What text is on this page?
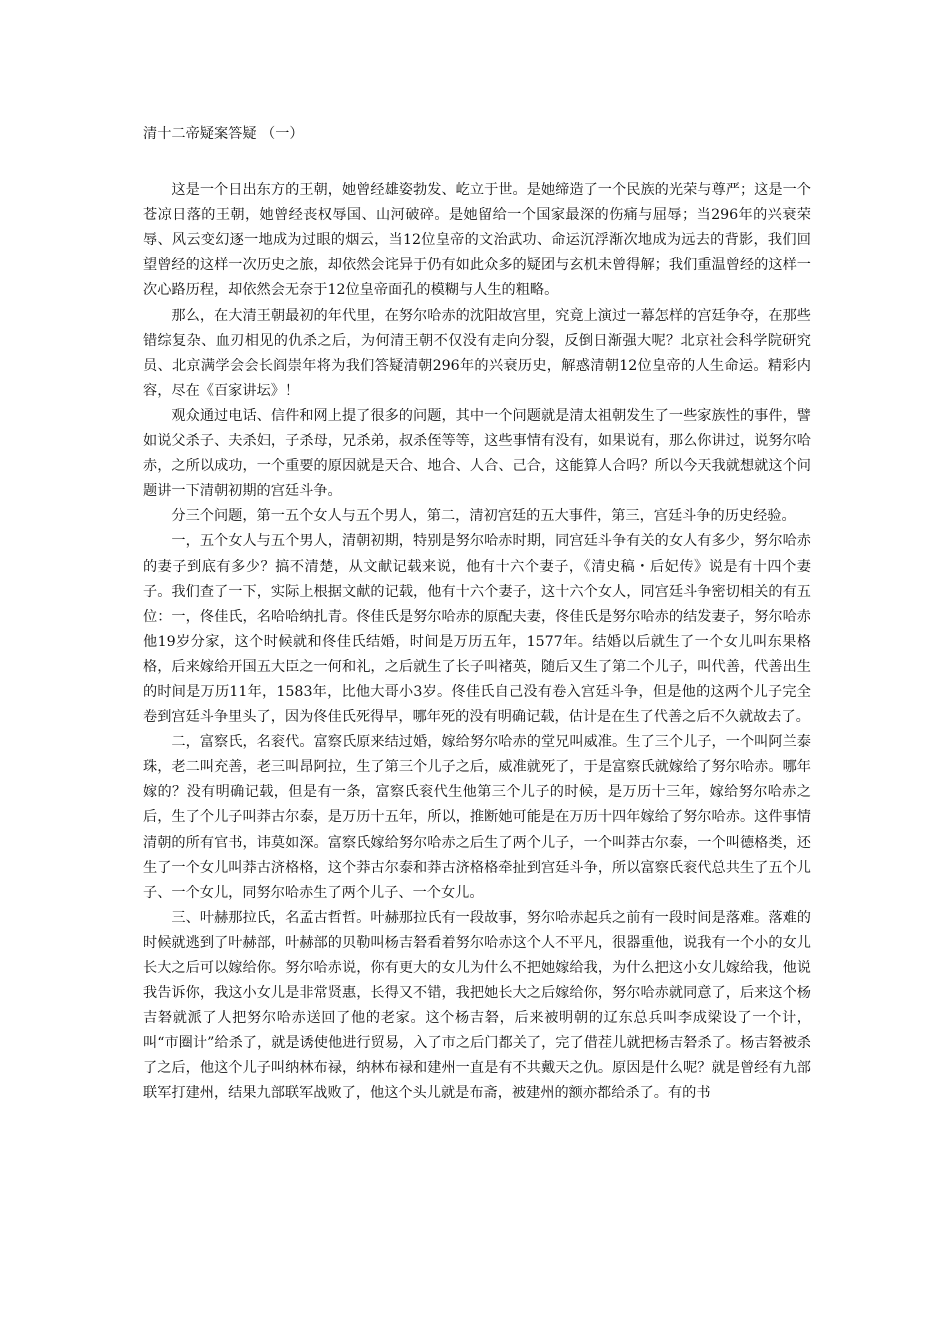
清十二帝疑案答疑 （一）

这是一个日出东方的王朝，她曾经雄姿勃发、屹立于世。是她缔造了一个民族的光荣与尊严；这是一个苍凉日落的王朝，她曾经丧权辱国、山河破碎。是她留给一个国家最深的伤痛与屈辱；当296年的兴衰荣辱、风云变幻逐一地成为过眼的烟云，当12位皇帝的文治武功、命运沉浮渐次地成为远去的背影，我们回望曾经的这样一次历史之旅，却依然会诧异于仍有如此众多的疑团与玄机未曾得解；我们重温曾经的这样一次心路历程，却依然会无奈于12位皇帝面孔的模糊与人生的粗略。

那么，在大清王朝最初的年代里，在努尔哈赤的沈阳故宫里，究竟上演过一幕怎样的宫廷争夺，在那些错综复杂、血刃相见的仇杀之后，为何清王朝不仅没有走向分裂，反倒日渐强大呢？北京社会科学院研究员、北京满学会会长阎崇年将为我们答疑清朝296年的兴衰历史，解惑清朝12位皇帝的人生命运。精彩内容，尽在《百家讲坛》！

观众通过电话、信件和网上提了很多的问题，其中一个问题就是清太祖朝发生了一些家族性的事件，譬如说父杀子、夫杀妇，子杀母，兄杀弟，叔杀侄等等，这些事情有没有，如果说有，那么你讲过，说努尔哈赤，之所以成功，一个重要的原因就是天合、地合、人合、己合，这能算人合吗？所以今天我就想就这个问题讲一下清朝初期的宫廷斗争。

分三个问题，第一五个女人与五个男人，第二，清初宫廷的五大事件，第三，宫廷斗争的历史经验。

一，五个女人与五个男人，清朝初期，特别是努尔哈赤时期，同宫廷斗争有关的女人有多少，努尔哈赤的妻子到底有多少？搞不清楚，从文献记载来说，他有十六个妻子，《清史稿・后妃传》说是有十四个妻子。我们查了一下，实际上根据文献的记载，他有十六个妻子，这十六个女人，同宫廷斗争密切相关的有五位：一，佟佳氏，名哈哈纳扎青。佟佳氏是努尔哈赤的原配夫妻，佟佳氏是努尔哈赤的结发妻子，努尔哈赤他19岁分家，这个时候就和佟佳氏结婚，时间是万历五年，1577年。结婚以后就生了一个女儿叫东果格格，后来嫁给开国五大臣之一何和礼，之后就生了长子叫褚英，随后又生了第二个儿子，叫代善，代善出生的时间是万历11年，1583年，比他大哥小3岁。佟佳氏自己没有卷入宫廷斗争，但是他的这两个儿子完全卷到宫廷斗争里头了，因为佟佳氏死得早，哪年死的没有明确记载，估计是在生了代善之后不久就故去了。

二，富察氏，名衮代。富察氏原来结过婚，嫁给努尔哈赤的堂兄叫威准。生了三个儿子，一个叫阿兰泰珠，老二叫充善，老三叫昂阿拉，生了第三个儿子之后，威准就死了，于是富察氏就嫁给了努尔哈赤。哪年嫁的？没有明确记载，但是有一条，富察氏衮代生他第三个儿子的时候，是万历十三年，嫁给努尔哈赤之后，生了个儿子叫莽古尔泰，是万历十五年，所以，推断她可能是在万历十四年嫁给了努尔哈赤。这件事情清朝的所有官书，讳莫如深。富察氏嫁给努尔哈赤之后生了两个儿子，一个叫莽古尔泰，一个叫德格类，还生了一个女儿叫莽古济格格，这个莽古尔泰和莽古济格格牵扯到宫廷斗争，所以富察氏衮代总共生了五个儿子、一个女儿，同努尔哈赤生了两个儿子、一个女儿。

三、叶赫那拉氏，名孟古哲哲。叶赫那拉氏有一段故事，努尔哈赤起兵之前有一段时间是落难。落难的时候就逃到了叶赫部，叶赫部的贝勒叫杨吉砮看着努尔哈赤这个人不平凡，很器重他，说我有一个小的女儿长大之后可以嫁给你。努尔哈赤说，你有更大的女儿为什么不把她嫁给我，为什么把这小女儿嫁给我，他说我告诉你，我这小女儿是非常贤惠，长得又不错，我把她长大之后嫁给你，努尔哈赤就同意了，后来这个杨吉砮就派了人把努尔哈赤送回了他的老家。这个杨吉砮，后来被明朝的辽东总兵叫李成梁设了一个计，叫“市圈计”给杀了，就是诱使他进行贸易，入了市之后门都关了，完了借茬儿就把杨吉砮杀了。杨吉砮被杀了之后，他这个儿子叫纳林布禄，纳林布禄和建州一直是有不共戴天之仇。原因是什么呢？就是曾经有九部联军打建州，结果九部联军战败了，他这个头儿就是布斋，被建州的额亦都给杀了。有的书
